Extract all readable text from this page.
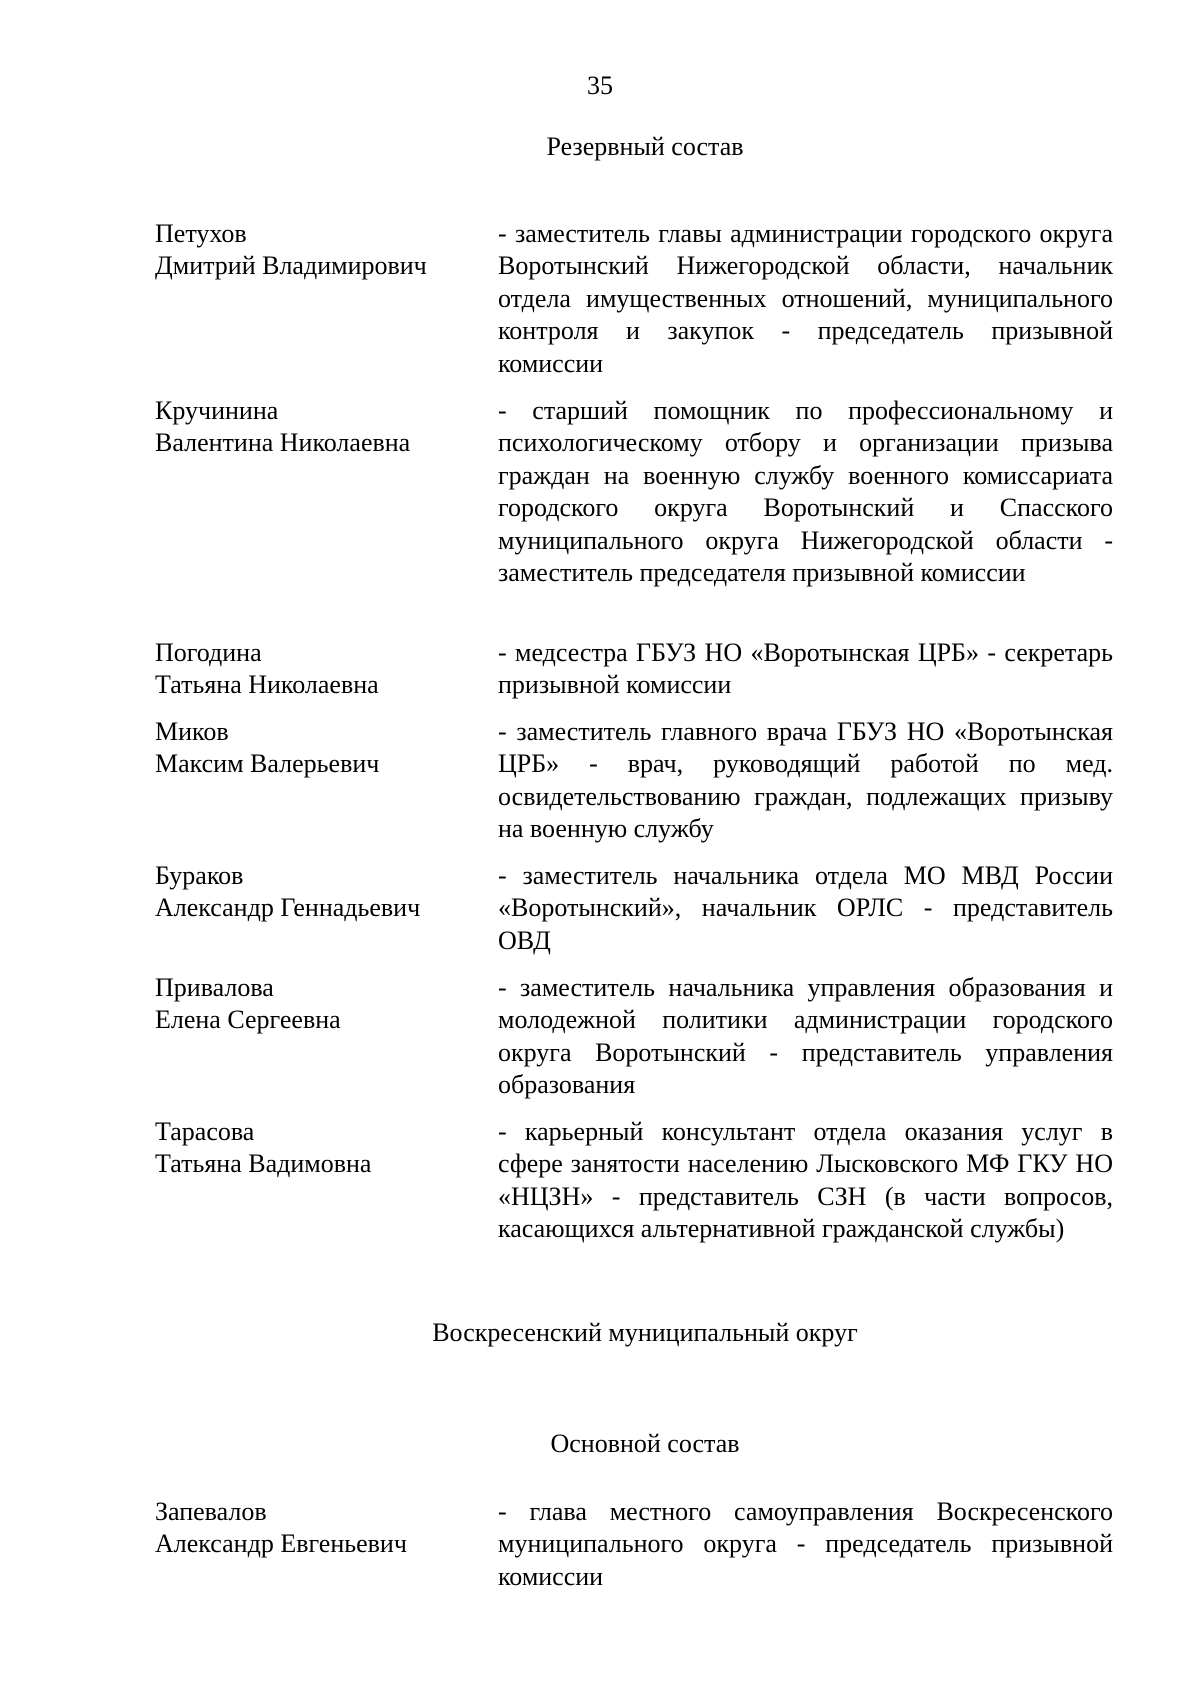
35
Резервный состав
Петухов
Дмитрий Владимирович
- заместитель главы администрации городского округа Воротынский Нижегородской области, начальник отдела имущественных отношений, муниципального контроля и закупок - председатель призывной комиссии
Кручинина
Валентина Николаевна
- старший помощник по профессиональному и психологическому отбору и организации призыва граждан на военную службу военного комиссариата городского округа Воротынский и Спасского муниципального округа Нижегородской области - заместитель председателя призывной комиссии
Погодина
Татьяна Николаевна
- медсестра ГБУЗ НО «Воротынская ЦРБ» - секретарь призывной комиссии
Миков
Максим Валерьевич
- заместитель главного врача ГБУЗ НО «Воротынская ЦРБ» - врач, руководящий работой по мед. освидетельствованию граждан, подлежащих призыву на военную службу
Бураков
Александр Геннадьевич
- заместитель начальника отдела МО МВД России «Воротынский», начальник ОРЛС - представитель ОВД
Привалова
Елена Сергеевна
- заместитель начальника управления образования и молодежной политики администрации городского округа Воротынский - представитель управления образования
Тарасова
Татьяна Вадимовна
- карьерный консультант отдела оказания услуг в сфере занятости населению Лысковского МФ ГКУ НО «НЦЗН» - представитель СЗН (в части вопросов, касающихся альтернативной гражданской службы)
Воскресенский муниципальный округ
Основной состав
Запевалов
Александр Евгеньевич
- глава местного самоуправления Воскресенского муниципального округа - председатель призывной комиссии
